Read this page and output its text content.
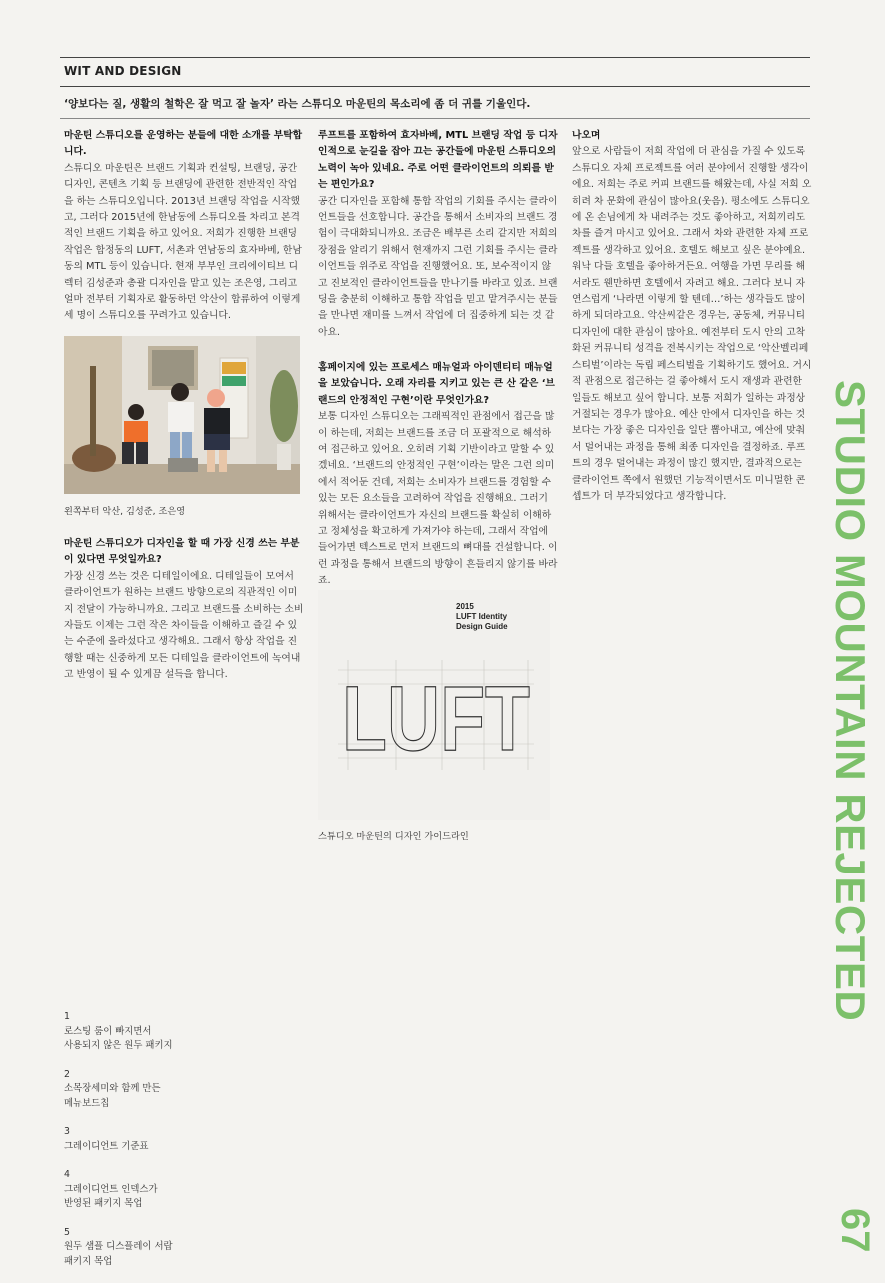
WIT AND DESIGN
‘양보다는 질, 생활의 철학은 잘 먹고 잘 놀자’ 라는 스튜디오 마운틴의 목소리에 좀 더 귀를 기울인다.

마운틴 스튜디오를 운영하는 분들에 대한 소개를 부탁합니다.

스튜디오 마운틴은 브랜드 기획과 컨설팅, 브랜딩, 공간디자인, 콘텐츠 기획 등 브랜딩에 관련한 전반적인 작업을 하는 스튜디오입니다. 2013년 브랜딩 작업을 시작했고, 그러다 2015년에 한남동에 스튜디오를 차리고 본격적인 브랜드 기획을 하고 있어요. 저희가 진행한 브랜딩 작업은 합정동의 LUFT, 서촌과 연남동의 효자바베, 한남동의 MTL 등이 있습니다. 현재 부부인 크리에이티브 디렉터 김성준과 총괄 디자인을 맡고 있는 조은영, 그리고 얼마 전부터 기획자로 활동하던 악산이 합류하여 이렇게 세 명이 스튜디오를 꾸려가고 있습니다.

왼쪽부터 악산, 김성준, 조은영

마운틴 스튜디오가 디자인을 할 때 가장 신경 쓰는 부분이 있다면 무엇일까요?

가장 신경 쓰는 것은 디테일이에요. 디테일들이 모여서 클라이언트가 원하는 브랜드 방향으로의 직관적인 이미지 전달이 가능하니까요. 그리고 브랜드를 소비하는 소비자들도 이제는 그런 작은 차이들을 이해하고 즐길 수 있는 수준에 올라섰다고 생각해요. 그래서 항상 작업을 진행할 때는 신중하게 모든 디테일을 클라이언트에 녹여내고 반영이 될 수 있게끔 설득을 합니다.

루프트를 포함하여 효자바베, MTL 브랜딩 작업 등 디자인적으로 눈길을 잡아 끄는 공간들에 마운틴 스튜디오의 노력이 녹아 있네요. 주로 어떤 클라이언트의 의뢰를 받는 편인가요?

공간 디자인을 포함해 통합 작업의 기회를 주시는 클라이언트들을 선호합니다. 공간을 통해서 소비자의 브랜드 경험이 극대화되니까요. 조금은 배부른 소리 같지만 저희의 장점을 알리기 위해서 현재까지 그런 기회를 주시는 클라이언트들 위주로 작업을 진행했어요. 또, 보수적이지 않고 진보적인 클라이언트들을 만나기를 바라고 있죠. 브랜딩을 충분히 이해하고 통합 작업을 믿고 맡겨주시는 분들을 만나면 재미를 느껴서 작업에 더 집중하게 되는 것 같아요.

홈페이지에 있는 프로세스 매뉴얼과 아이덴티티 매뉴얼을 보았습니다. 오래 자리를 지키고 있는 큰 산 같은 ‘브랜드의 안정적인 구현’이란 무엇인가요?

보통 디자인 스튜디오는 그래픽적인 관점에서 접근을 많이 하는데, 저희는 브랜드를 조금 더 포괄적으로 해석하여 접근하고 있어요. 오히려 기획 기반이라고 말할 수 있겠네요. ‘브랜드의 안정적인 구현’이라는 말은 그런 의미에서 적어둔 건데, 저희는 소비자가 브랜드를 경험할 수 있는 모든 요소들을 고려하여 작업을 진행해요. 그러기 위해서는 클라이언트가 자신의 브랜드를 확실히 이해하고 정체성을 확고하게 가져가야 하는데, 그래서 작업에 들어가면 텍스트로 먼저 브랜드의 뼈대를 건설합니다. 이런 과정을 통해서 브랜드의 방향이 흔들리지 않기를 바라죠.

2015
LUFT Identity
Design Guide
LUFT
스튜디오 마운틴의 디자인 가이드라인

나오며

앞으로 사람들이 저희 작업에 더 관심을 가질 수 있도록 스튜디오 자체 프로젝트를 여러 분야에서 진행할 생각이에요. 저희는 주로 커피 브랜드를 해왔는데, 사실 저희 오히려 차 문화에 관심이 많아요(웃음). 평소에도 스튜디오에 온 손님에게 차 내려주는 것도 좋아하고, 저희끼리도 차를 즐겨 마시고 있어요. 그래서 차와 관련한 자체 프로젝트를 생각하고 있어요. 호텔도 해보고 싶은 분야예요. 워낙 다들 호텔을 좋아하거든요. 여행을 가면 무리를 해서라도 웬만하면 호텔에서 자려고 해요. 그러다 보니 자연스럽게 ‘나라면 이렇게 할 텐데…’하는 생각들도 많이 하게 되더라고요. 악산씨같은 경우는, 공동체, 커뮤니티 디자인에 대한 관심이 많아요. 예전부터 도시 안의 고착화된 커뮤니티 성격을 전복시키는 작업으로 ‘악산벨리페스티벌’이라는 독립 페스티벌을 기획하기도 했어요. 거시적 관점으로 접근하는 걸 좋아해서 도시 재생과 관련한 일들도 해보고 싶어 합니다. 보통 저희가 일하는 과정상 거절되는 경우가 많아요. 예산 안에서 디자인을 하는 것보다는 가장 좋은 디자인을 일단 뽑아내고, 예산에 맞춰서 덜어내는 과정을 통해 최종 디자인을 결정하죠. 루프트의 경우 덜어내는 과정이 많긴 했지만, 결과적으로는 클라이언트 쪽에서 원했던 기능적이면서도 미니멀한 콘셉트가 더 부각되었다고 생각합니다.	STUDIO MOUNTAIN REJECTED
67
1
로스팅 룸이 빠지면서
사용되지 않은 원두 패키지
2
소목장세미와 함께 만든
메뉴보드칩
3
그레이디언트 기준표
4
그레이디언트 인덱스가
반영된 패키지 목업
5
원두 샘플 디스플레이 서랍
패키지 목업
